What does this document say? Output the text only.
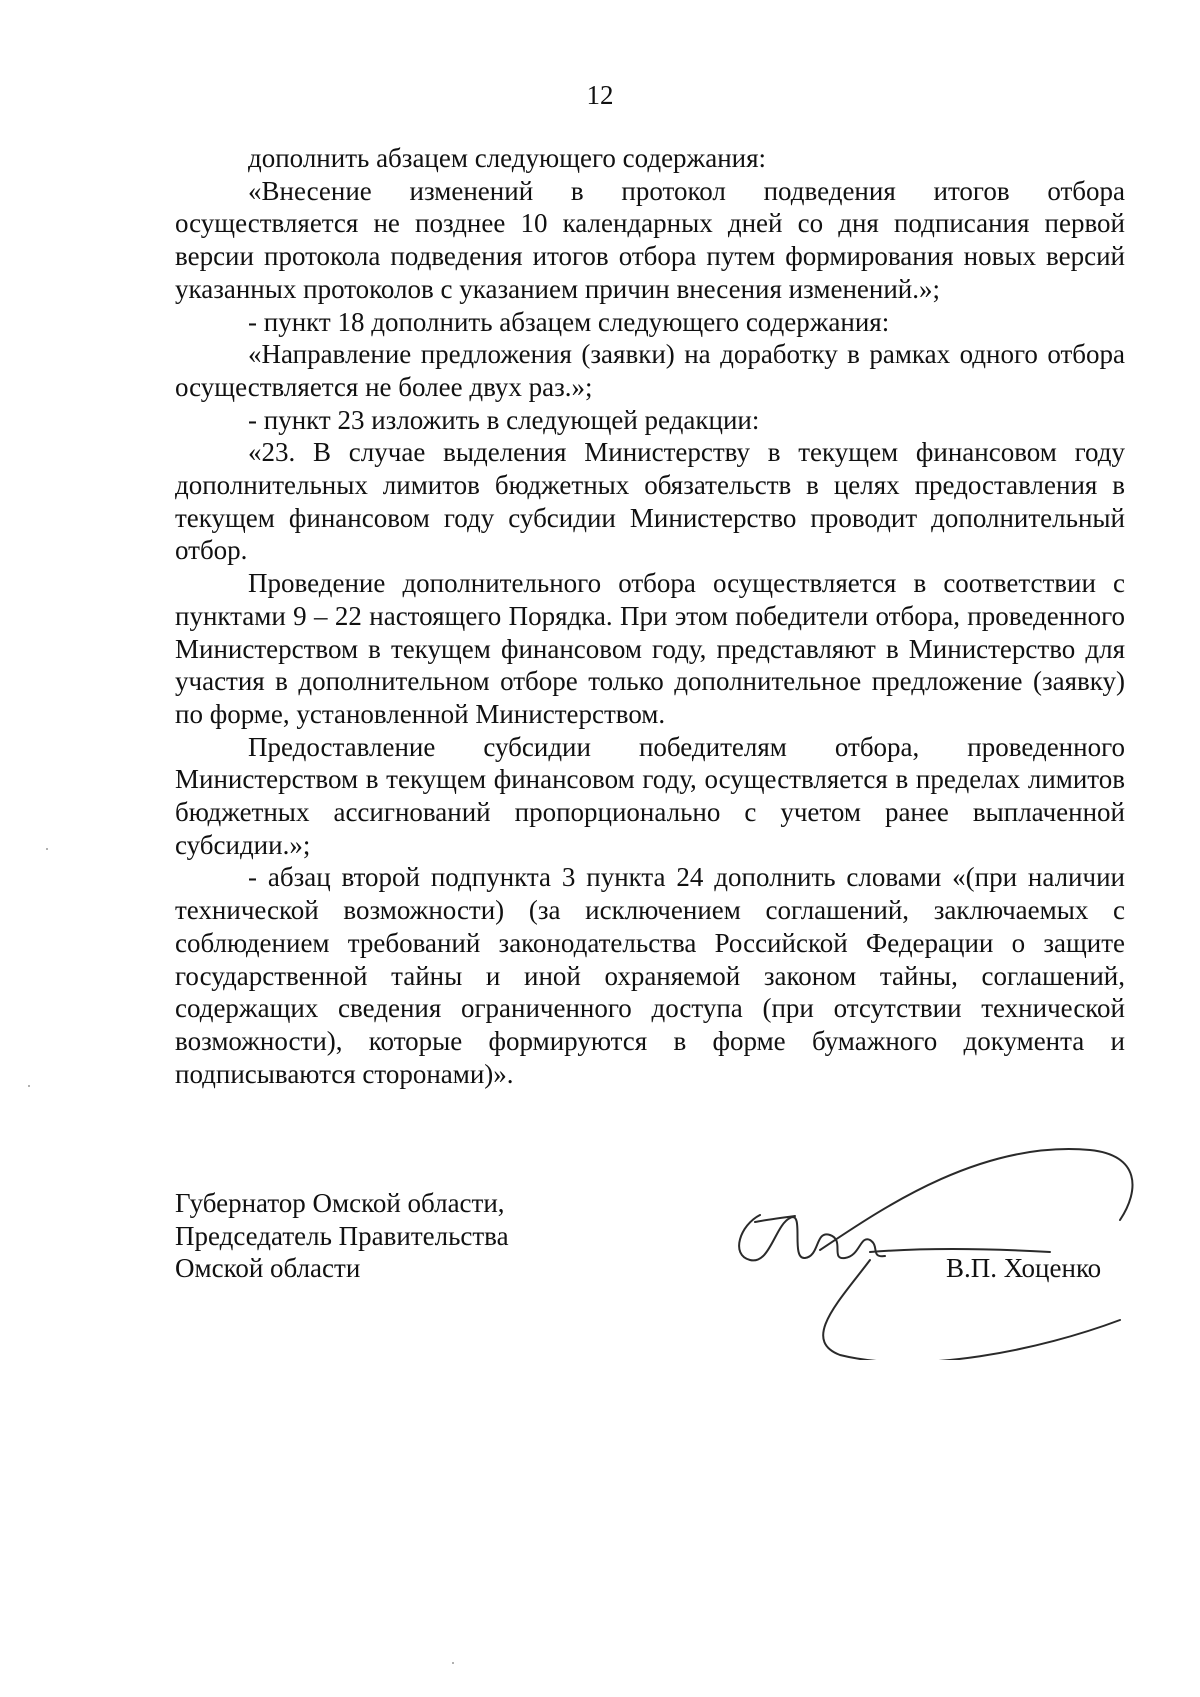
12

дополнить абзацем следующего содержания:

«Внесение изменений в протокол подведения итогов отбора осуществляется не позднее 10 календарных дней со дня подписания первой версии протокола подведения итогов отбора путем формирования новых версий указанных протоколов с указанием причин внесения изменений.»;

- пункт 18 дополнить абзацем следующего содержания:

«Направление предложения (заявки) на доработку в рамках одного отбора осуществляется не более двух раз.»;

- пункт 23 изложить в следующей редакции:

«23. В случае выделения Министерству в текущем финансовом году дополнительных лимитов бюджетных обязательств в целях предоставления в текущем финансовом году субсидии Министерство проводит дополнительный отбор.

Проведение дополнительного отбора осуществляется в соответствии с пунктами 9 – 22 настоящего Порядка. При этом победители отбора, проведенного Министерством в текущем финансовом году, представляют в Министерство для участия в дополнительном отборе только дополнительное предложение (заявку) по форме, установленной Министерством.

Предоставление субсидии победителям отбора, проведенного Министерством в текущем финансовом году, осуществляется в пределах лимитов бюджетных ассигнований пропорционально с учетом ранее выплаченной субсидии.»;

- абзац второй подпункта 3 пункта 24 дополнить словами «(при наличии технической возможности) (за исключением соглашений, заключаемых с соблюдением требований законодательства Российской Федерации о защите государственной тайны и иной охраняемой законом тайны, соглашений, содержащих сведения ограниченного доступа (при отсутствии технической возможности), которые формируются в форме бумажного документа и подписываются сторонами)».

Губернатор Омской области,
Председатель Правительства
Омской области	В.П. Хоценко
